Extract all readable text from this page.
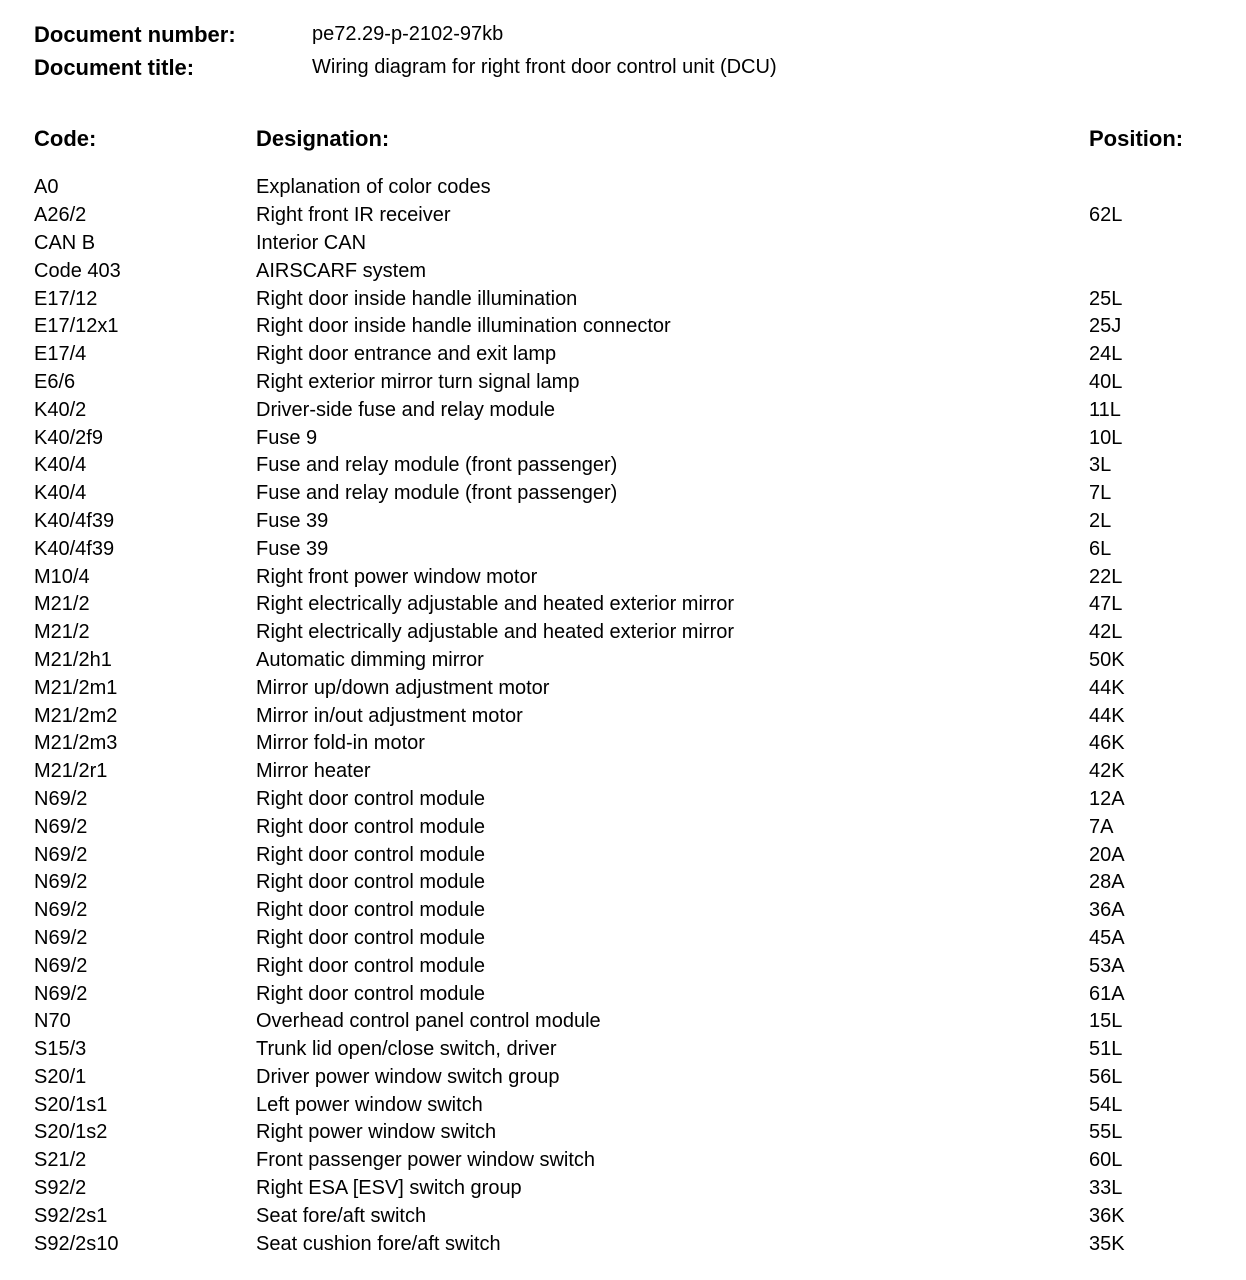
Document number:	pe72.29-p-2102-97kb
Document title:	Wiring diagram for right front door control unit (DCU)
Code:	Designation:	Position:
A0	Explanation of color codes
A26/2	Right front IR receiver	62L
CAN B	Interior CAN
Code 403	AIRSCARF system
E17/12	Right door inside handle illumination	25L
E17/12x1	Right door inside handle illumination connector	25J
E17/4	Right door entrance and exit lamp	24L
E6/6	Right exterior mirror turn signal lamp	40L
K40/2	Driver-side fuse and relay module	11L
K40/2f9	Fuse 9	10L
K40/4	Fuse and relay module (front passenger)	3L
K40/4	Fuse and relay module (front passenger)	7L
K40/4f39	Fuse 39	2L
K40/4f39	Fuse 39	6L
M10/4	Right front power window motor	22L
M21/2	Right electrically adjustable and heated exterior mirror	47L
M21/2	Right electrically adjustable and heated exterior mirror	42L
M21/2h1	Automatic dimming mirror	50K
M21/2m1	Mirror up/down adjustment motor	44K
M21/2m2	Mirror in/out adjustment motor	44K
M21/2m3	Mirror fold-in motor	46K
M21/2r1	Mirror heater	42K
N69/2	Right door control module	12A
N69/2	Right door control module	7A
N69/2	Right door control module	20A
N69/2	Right door control module	28A
N69/2	Right door control module	36A
N69/2	Right door control module	45A
N69/2	Right door control module	53A
N69/2	Right door control module	61A
N70	Overhead control panel control module	15L
S15/3	Trunk lid open/close switch, driver	51L
S20/1	Driver power window switch group	56L
S20/1s1	Left power window switch	54L
S20/1s2	Right power window switch	55L
S21/2	Front passenger power window switch	60L
S92/2	Right ESA [ESV] switch group	33L
S92/2s1	Seat fore/aft switch	36K
S92/2s10	Seat cushion fore/aft switch	35K
